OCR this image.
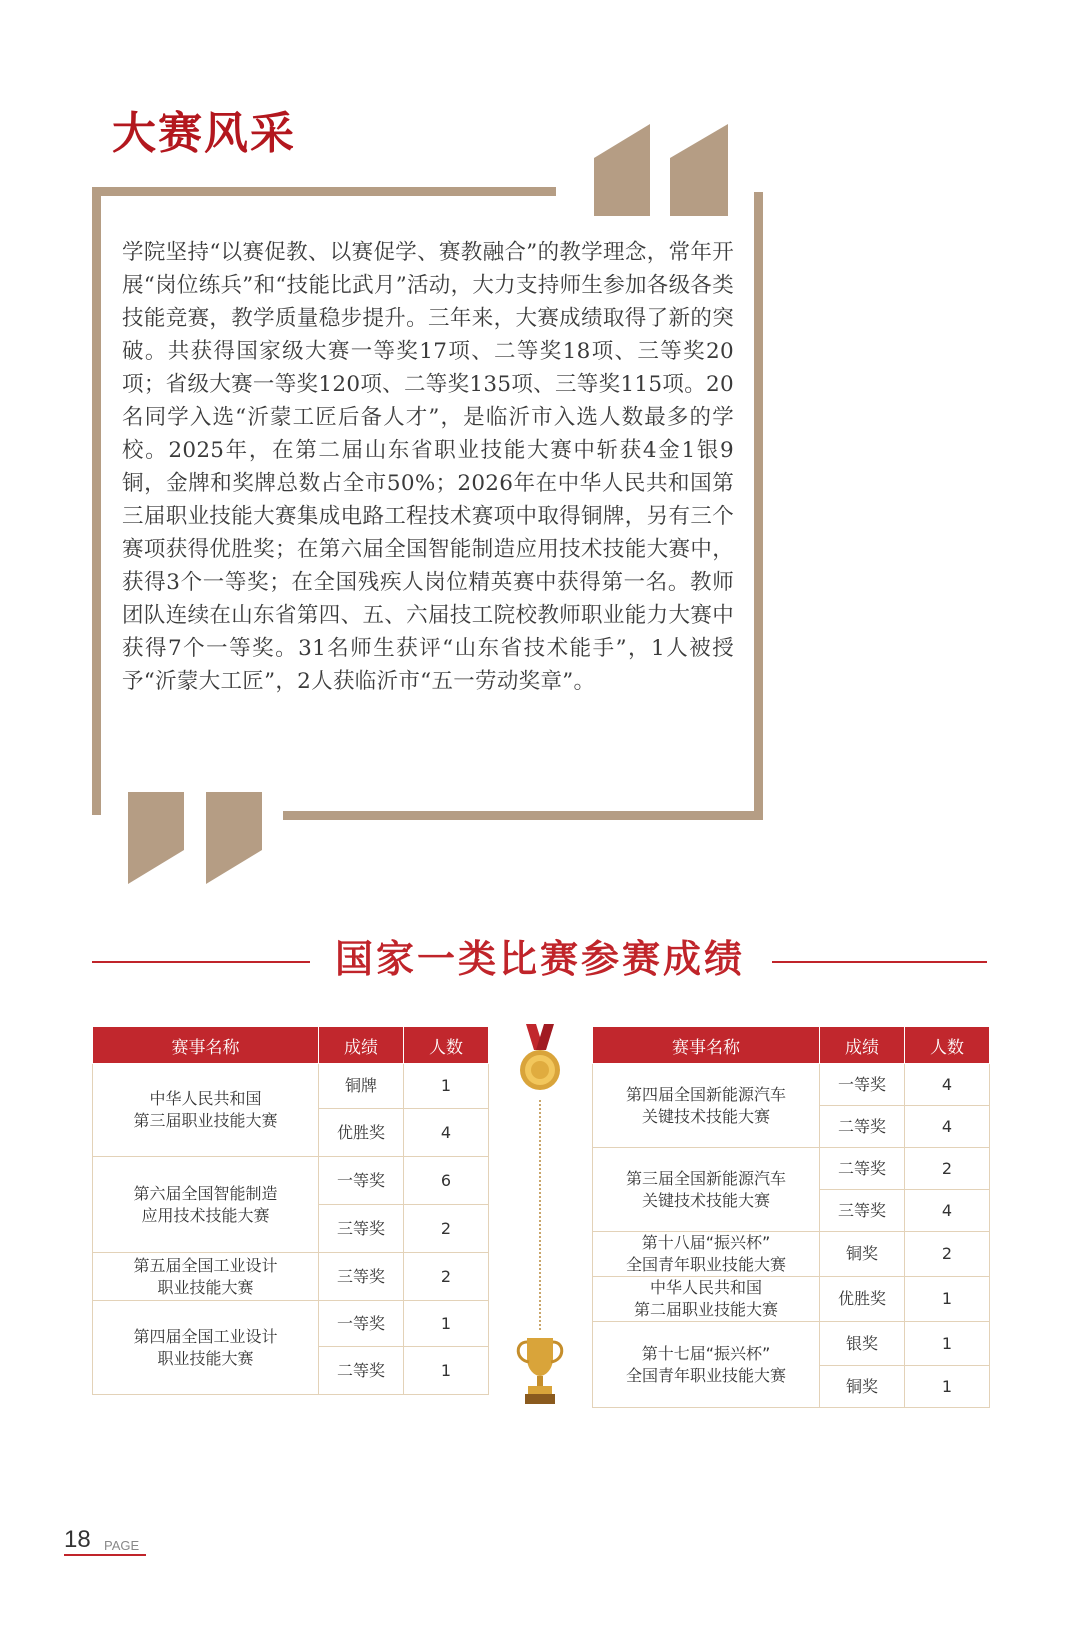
大赛风采
学院坚持“以赛促教、以赛促学、赛教融合”的教学理念，常年开展“岗位练兵”和“技能比武月”活动，大力支持师生参加各级各类技能竞赛，教学质量稳步提升。三年来，大赛成绩取得了新的突破。共获得国家级大赛一等奖17项、二等奖18项、三等奖20项；省级大赛一等奖120项、二等奖135项、三等奖115项。20名同学入选“沂蒙工匠后备人才”，是临沂市入选人数最多的学校。2025年，在第二届山东省职业技能大赛中斩获4金1银9铜，金牌和奖牌总数占全市50%；2026年在中华人民共和国第三届职业技能大赛集成电路工程技术赛项中取得铜牌，另有三个赛项获得优胜奖；在第六届全国智能制造应用技术技能大赛中，获得3个一等奖；在全国残疾人岗位精英赛中获得第一名。教师团队连续在山东省第四、五、六届技工院校教师职业能力大赛中获得7个一等奖。31名师生获评“山东省技术能手”，1人被授予“沂蒙大工匠”，2人获临沂市“五一劳动奖章”。
国家一类比赛参赛成绩
赛事名称	成绩	人数

中华人民共和国
第三届职业技能大赛	铜牌	1
	优胜奖	4

第六届全国智能制造
应用技术技能大赛	一等奖	6
	三等奖	2

第五届全国工业设计
职业技能大赛	三等奖	2

第四届全国工业设计
职业技能大赛	一等奖	1
	二等奖	1
赛事名称	成绩	人数

第四届全国新能源汽车
关键技术技能大赛	一等奖	4
	二等奖	4

第三届全国新能源汽车
关键技术技能大赛	二等奖	2
	三等奖	4

第十八届“振兴杯”
全国青年职业技能大赛	铜奖	2

中华人民共和国
第二届职业技能大赛	优胜奖	1

第十七届“振兴杯”
全国青年职业技能大赛	银奖	1
	铜奖	1
18 PAGE
